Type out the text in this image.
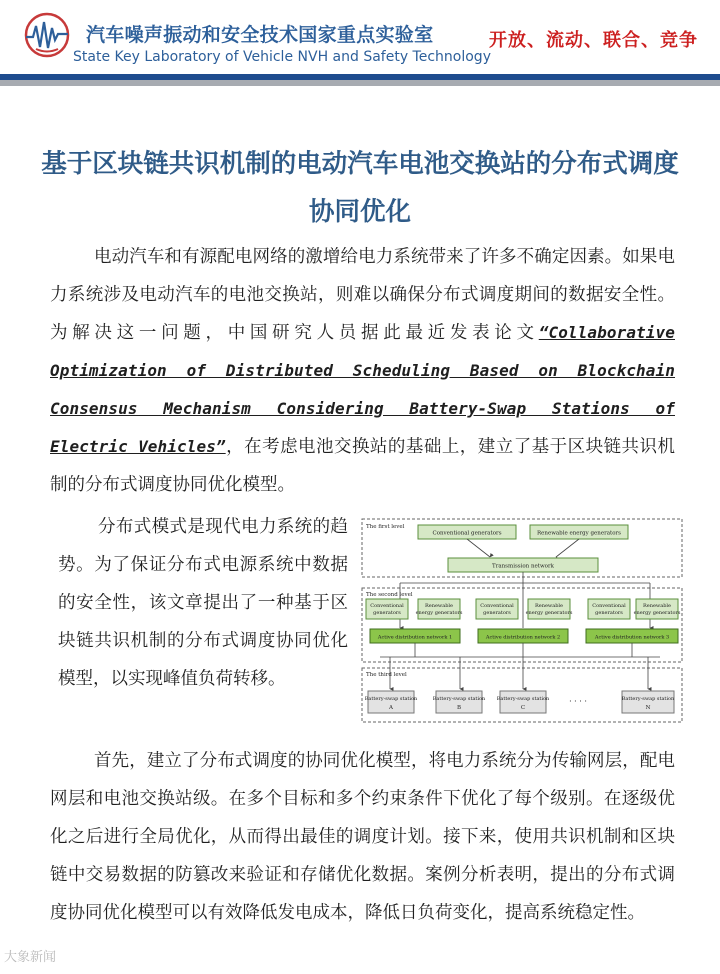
汽车噪声振动和安全技术国家重点实验室
State Key Laboratory of Vehicle NVH and Safety Technology
开放、流动、联合、竞争
基于区块链共识机制的电动汽车电池交换站的分布式调度协同优化

电动汽车和有源配电网络的激增给电力系统带来了许多不确定因素。如果电力系统涉及电动汽车的电池交换站，则难以确保分布式调度期间的数据安全性。为解决这一问题，中国研究人员据此最近发表论文“Collaborative Optimization of Distributed Scheduling Based on Blockchain Consensus Mechanism Considering Battery-Swap Stations of Electric Vehicles”，在考虑电池交换站的基础上，建立了基于区块链共识机制的分布式调度协同优化模型。

分布式模式是现代电力系统的趋势。为了保证分布式电源系统中数据的安全性，该文章提出了一种基于区块链共识机制的分布式调度协同优化模型，以实现峰值负荷转移。

The first level
Conventional generators	Renewable energy generators
Transmission network
The second level
Conventional
generators
Renewable
energy generators
Active distribution network 1
Conventional
generators
Renewable
energy generators
Active distribution network 2
Conventional
generators
Renewable
energy generators
Active distribution network 3
The third level
Battery-swap station
A
Battery-swap station
B
Battery-swap station
C
· · · ·	Battery-swap station
N

首先，建立了分布式调度的协同优化模型，将电力系统分为传输网层，配电网层和电池交换站级。在多个目标和多个约束条件下优化了每个级别。在逐级优化之后进行全局优化，从而得出最佳的调度计划。接下来，使用共识机制和区块链中交易数据的防篡改来验证和存储优化数据。案例分析表明，提出的分布式调度协同优化模型可以有效降低发电成本，降低日负荷变化，提高系统稳定性。

大象新闻
